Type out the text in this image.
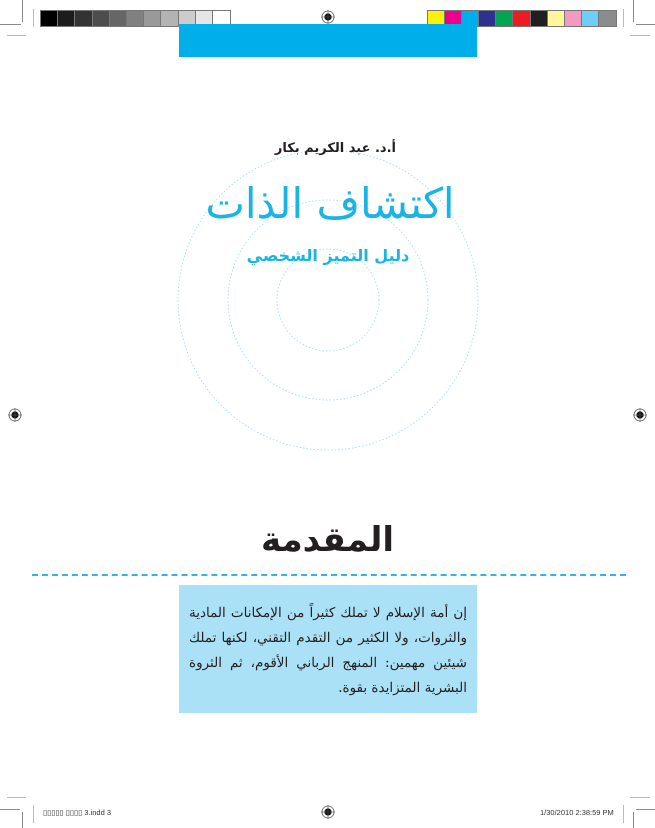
أ.د. عبد الكريم بكار
اكتشاف الذات
دليل التميز الشخصي
المقدمة

إن أمة الإسلام لا تملك كثيراً من الإمكانات المادية والثروات، ولا الكثير من التقدم التقني، لكنها تملك شيئين مهمين: المنهج الرباني الأقوم، ثم الثروة البشرية المتزايدة بقوة.

▯▯▯▯▯ ▯▯▯▯ 3.indd 3	1/30/2010 2:38:59 PM
